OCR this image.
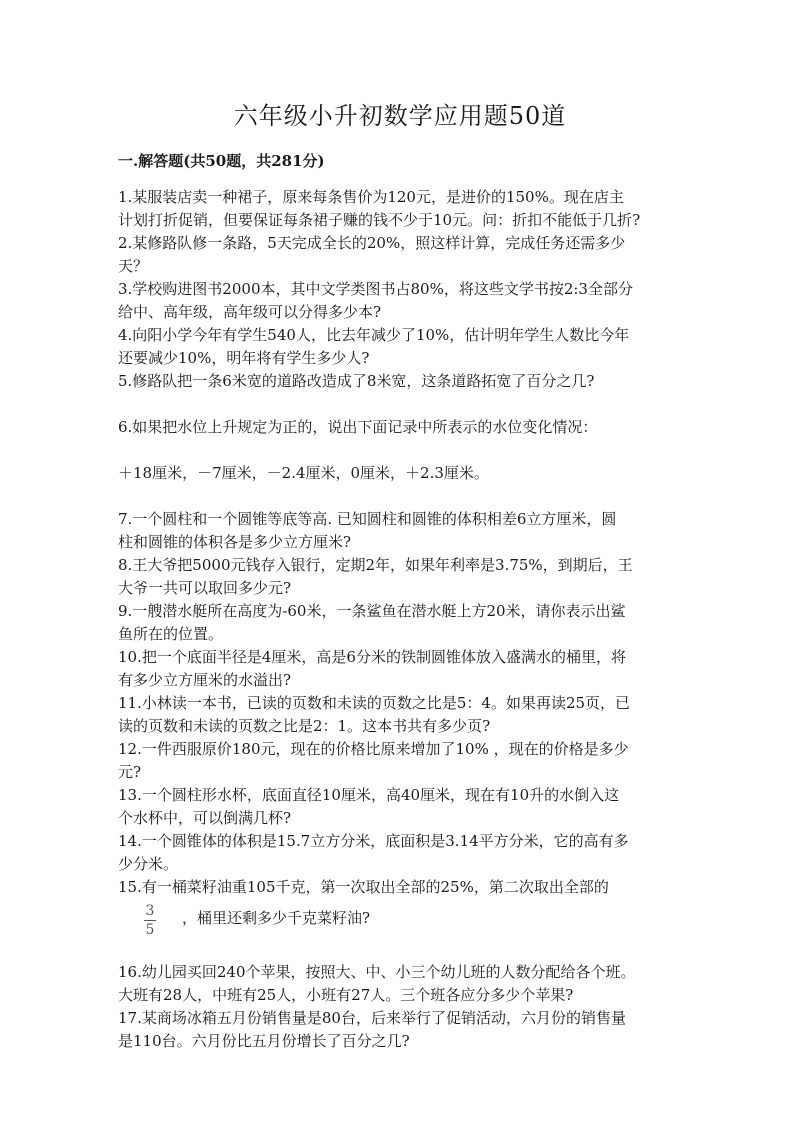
六年级小升初数学应用题50道
一.解答题(共50题，共281分)
1.某服装店卖一种裙子，原来每条售价为120元，是进价的150%。现在店主
计划打折促销，但要保证每条裙子赚的钱不少于10元。问：折扣不能低于几折?
2.某修路队修一条路，5天完成全长的20%，照这样计算，完成任务还需多少
天？
3.学校购进图书2000本，其中文学类图书占80%，将这些文学书按2:3全部分
给中、高年级，高年级可以分得多少本?
4.向阳小学今年有学生540人，比去年减少了10%，估计明年学生人数比今年
还要减少10%，明年将有学生多少人?
5.修路队把一条6米宽的道路改造成了8米宽，这条道路拓宽了百分之几?
6.如果把水位上升规定为正的，说出下面记录中所表示的水位变化情况：
＋18厘米，－7厘米，－2.4厘米，0厘米，＋2.3厘米。
7.一个圆柱和一个圆锥等底等高. 已知圆柱和圆锥的体积相差6立方厘米，圆
柱和圆锥的体积各是多少立方厘米?
8.王大爷把5000元钱存入银行，定期2年，如果年利率是3.75%，到期后，王
大爷一共可以取回多少元?
9.一艘潜水艇所在高度为-60米，一条鲨鱼在潜水艇上方20米，请你表示出鲨
鱼所在的位置。
10.把一个底面半径是4厘米，高是6分米的铁制圆锥体放入盛满水的桶里，将
有多少立方厘米的水溢出?
11.小林读一本书，已读的页数和未读的页数之比是5：4。如果再读25页，已
读的页数和未读的页数之比是2：1。这本书共有多少页?
12.一件西服原价180元，现在的价格比原来增加了10% ，现在的价格是多少
元?
13.一个圆柱形水杯，底面直径10厘米，高40厘米，现在有10升的水倒入这
个水杯中，可以倒满几杯?
14.一个圆锥体的体积是15.7立方分米，底面积是3.14平方分米，它的高有多
少分米。
15.有一桶菜籽油重105千克，第一次取出全部的25%，第二次取出全部的
3
5
，桶里还剩多少千克菜籽油?
16.幼儿园买回240个苹果，按照大、中、小三个幼儿班的人数分配给各个班。
大班有28人，中班有25人，小班有27人。三个班各应分多少个苹果?
17.某商场冰箱五月份销售量是80台，后来举行了促销活动，六月份的销售量
是110台。六月份比五月份增长了百分之几?
